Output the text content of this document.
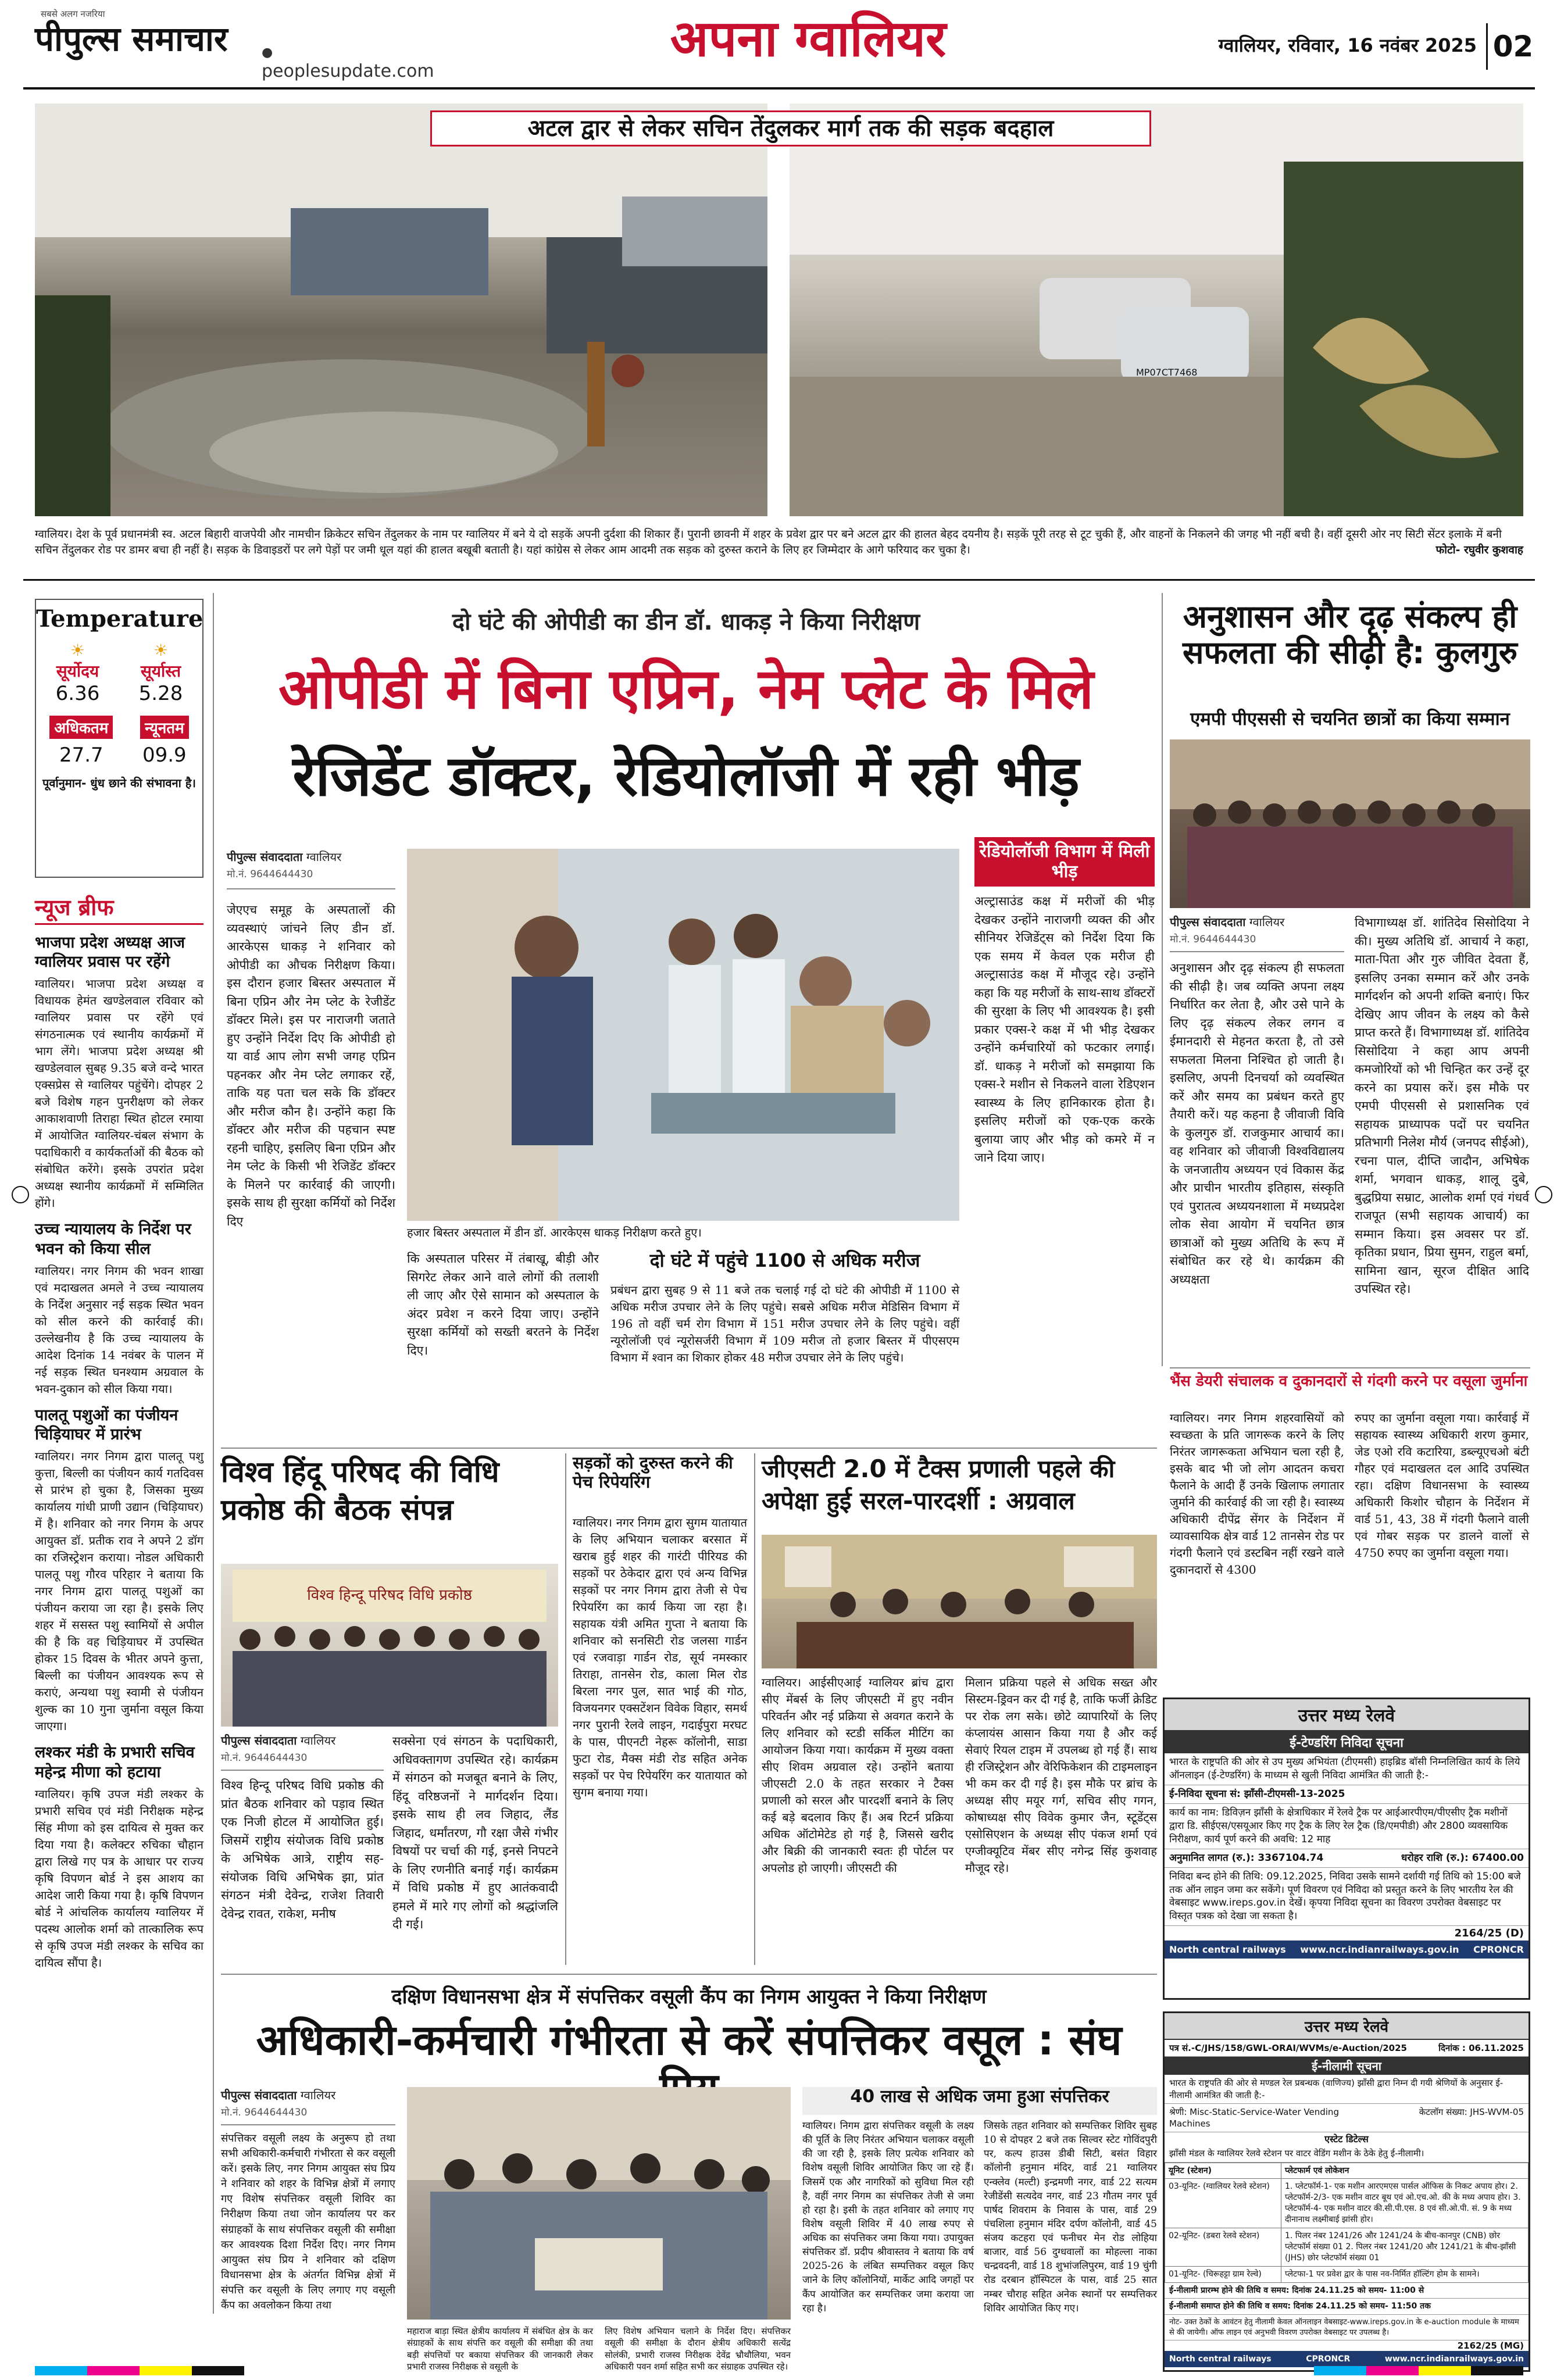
सबसे अलग नजरिया
पीपुल्स समाचार	● peoplesupdate.com
अपना ग्वालियर	ग्वालियर, रविवार, 16 नवंबर 2025 02
MP07CT7468
अटल द्वार से लेकर सचिन तेंदुलकर मार्ग तक की सड़क बदहाल
ग्वालियर। देश के पूर्व प्रधानमंत्री स्व. अटल बिहारी वाजपेयी और नामचीन क्रिकेटर सचिन तेंदुलकर के नाम पर ग्वालियर में बने ये दो सड़कें अपनी दुर्दशा की शिकार हैं। पुरानी छावनी में शहर के प्रवेश द्वार पर बने अटल द्वार की हालत बेहद दयनीय है। सड़कें पूरी तरह से टूट चुकी हैं, और वाहनों के निकलने की जगह भी नहीं बची है। वहीं दूसरी ओर नए सिटी सेंटर इलाके में बनी सचिन तेंदुलकर रोड पर डामर बचा ही नहीं है। सड़क के डिवाइडरों पर लगे पेड़ों पर जमी धूल यहां की हालत बखूबी बताती है। यहां कांग्रेस से लेकर आम आदमी तक सड़क को दुरुस्त कराने के लिए हर जिम्मेदार के आगे फरियाद कर चुका है।	फोटो- रघुवीर कुशवाह
Temperature
☀
सूर्योदय
6.36
☀
सूर्यास्त
5.28
अधिकतम
27.7
न्यूनतम
09.9
पूर्वानुमान- धुंध छाने की संभावना है।
न्यूज ब्रीफ
भाजपा प्रदेश अध्यक्ष आज ग्वालियर प्रवास पर रहेंगे
ग्वालियर। भाजपा प्रदेश अध्यक्ष व विधायक हेमंत खण्डेलवाल रविवार को ग्वालियर प्रवास पर रहेंगे एवं संगठनात्मक एवं स्थानीय कार्यक्रमों में भाग लेंगे। भाजपा प्रदेश अध्यक्ष श्री खण्डेलवाल सुबह 9.35 बजे वन्दे भारत एक्सप्रेस से ग्वालियर पहुंचेंगे। दोपहर 2 बजे विशेष गहन पुनरीक्षण को लेकर आकाशवाणी तिराहा स्थित होटल रमाया में आयोजित ग्वालियर-चंबल संभाग के पदाधिकारी व कार्यकर्ताओं की बैठक को संबोधित करेंगे। इसके उपरांत प्रदेश अध्यक्ष स्थानीय कार्यक्रमों में सम्मिलित होंगे।
उच्च न्यायालय के निर्देश पर भवन को किया सील
ग्वालियर। नगर निगम की भवन शाखा एवं मदाखलत अमले ने उच्च न्यायालय के निर्देश अनुसार नई सड़क स्थित भवन को सील करने की कार्रवाई की। उल्लेखनीय है कि उच्च न्यायालय के आदेश दिनांक 14 नवंबर के पालन में नई सड़क स्थित घनश्याम अग्रवाल के भवन-दुकान को सील किया गया।
पालतू पशुओं का पंजीयन चिड़ियाघर में प्रारंभ
ग्वालियर। नगर निगम द्वारा पालतू पशु कुत्ता, बिल्ली का पंजीयन कार्य गतदिवस से प्रारंभ हो चुका है, जिसका मुख्य कार्यालय गांधी प्राणी उद्यान (चिड़ियाघर) में है। शनिवार को नगर निगम के अपर आयुक्त डॉ. प्रतीक राव ने अपने 2 डॉग का रजिस्ट्रेशन कराया। नोडल अधिकारी पालतू पशु गौरव परिहार ने बताया कि नगर निगम द्वारा पालतू पशुओं का पंजीयन कराया जा रहा है। इसके लिए शहर में ससस्त पशु स्वामियों से अपील की है कि वह चिड़ियाघर में उपस्थित होकर 15 दिवस के भीतर अपने कुत्ता, बिल्ली का पंजीयन आवश्यक रूप से कराएं, अन्यथा पशु स्वामी से पंजीयन शुल्क का 10 गुना जुर्माना वसूल किया जाएगा।
लश्कर मंडी के प्रभारी सचिव महेन्द्र मीणा को हटाया
ग्वालियर। कृषि उपज मंडी लश्कर के प्रभारी सचिव एवं मंडी निरीक्षक महेन्द्र सिंह मीणा को इस दायित्व से मुक्त कर दिया गया है। कलेक्टर रुचिका चौहान द्वारा लिखे गए पत्र के आधार पर राज्य कृषि विपणन बोर्ड ने इस आशय का आदेश जारी किया गया है। कृषि विपणन बोर्ड ने आंचलिक कार्यालय ग्वालियर में पदस्थ आलोक शर्मा को तात्कालिक रूप से कृषि उपज मंडी लश्कर के सचिव का दायित्व सौंपा है।
दो घंटे की ओपीडी का डीन डॉ. धाकड़ ने किया निरीक्षण
ओपीडी में बिना एप्रिन, नेम प्लेट के मिले
रेजिडेंट डॉक्टर, रेडियोलॉजी में रही भीड़
पीपुल्स संवाददाता ग्वालियर
मो.नं. 9644644430
जेएएच समूह के अस्पतालों की व्यवस्थाएं जांचने लिए डीन डॉ. आरकेएस धाकड़ ने शनिवार को ओपीडी का औचक निरीक्षण किया। इस दौरान हजार बिस्तर अस्पताल में बिना एप्रिन और नेम प्लेट के रेजीडेंट डॉक्टर मिले। इस पर नाराजगी जताते हुए उन्होंने निर्देश दिए कि ओपीडी हो या वार्ड आप लोग सभी जगह एप्रिन पहनकर और नेम प्लेट लगाकर रहें, ताकि यह पता चल सके कि डॉक्टर और मरीज कौन है। उन्होंने कहा कि डॉक्टर और मरीज की पहचान स्पष्ट रहनी चाहिए, इसलिए बिना एप्रिन और नेम प्लेट के किसी भी रेजिडेंट डॉक्टर के मिलने पर कार्रवाई की जाएगी। इसके साथ ही सुरक्षा कर्मियों को निर्देश दिए
हजार बिस्तर अस्पताल में डीन डॉ. आरकेएस धाकड़ निरीक्षण करते हुए।
कि अस्पताल परिसर में तंबाखू, बीड़ी और सिगरेट लेकर आने वाले लोगों की तलाशी ली जाए और ऐसे सामान को अस्पताल के अंदर प्रवेश न करने दिया जाए। उन्होंने सुरक्षा कर्मियों को सख्ती बरतने के निर्देश दिए।
दो घंटे में पहुंचे 1100 से अधिक मरीज
प्रबंधन द्वारा सुबह 9 से 11 बजे तक चलाई गई दो घंटे की ओपीडी में 1100 से अधिक मरीज उपचार लेने के लिए पहुंचे। सबसे अधिक मरीज मेडिसिन विभाग में 196 तो वहीं चर्म रोग विभाग में 151 मरीज उपचार लेने के लिए पहुंचे। वहीं न्यूरोलॉजी एवं न्यूरोसर्जरी विभाग में 109 मरीज तो हजार बिस्तर में पीएसएम विभाग में श्वान का शिकार होकर 48 मरीज उपचार लेने के लिए पहुंचे।
रेडियोलॉजी विभाग में मिली भीड़
अल्ट्रासाउंड कक्ष में मरीजों की भीड़ देखकर उन्होंने नाराजगी व्यक्त की और सीनियर रेजिडेंट्स को निर्देश दिया कि एक समय में केवल एक मरीज ही अल्ट्रासाउंड कक्ष में मौजूद रहे। उन्होंने कहा कि यह मरीजों के साथ-साथ डॉक्टरों की सुरक्षा के लिए भी आवश्यक है। इसी प्रकार एक्स-रे कक्ष में भी भीड़ देखकर उन्होंने कर्मचारियों को फटकार लगाई। डॉ. धाकड़ ने मरीजों को समझाया कि एक्स-रे मशीन से निकलने वाला रेडिएशन स्वास्थ्य के लिए हानिकारक होता है। इसलिए मरीजों को एक-एक करके बुलाया जाए और भीड़ को कमरे में न जाने दिया जाए।
अनुशासन और दृढ़ संकल्प ही सफलता की सीढ़ी है: कुलगुरु
एमपी पीएससी से चयनित छात्रों का किया सम्मान
पीपुल्स संवाददाता ग्वालियर
मो.नं. 9644644430
अनुशासन और दृढ़ संकल्प ही सफलता की सीढ़ी है। जब व्यक्ति अपना लक्ष्य निर्धारित कर लेता है, और उसे पाने के लिए दृढ़ संकल्प लेकर लगन व ईमानदारी से मेहनत करता है, तो उसे सफलता मिलना निश्चित हो जाती है। इसलिए, अपनी दिनचर्या को व्यवस्थित करें और समय का प्रबंधन करते हुए तैयारी करें। यह कहना है जीवाजी विवि के कुलगुरु डॉ. राजकुमार आचार्य का। वह शनिवार को जीवाजी विश्वविद्यालय के जनजातीय अध्ययन एवं विकास केंद्र और प्राचीन भारतीय इतिहास, संस्कृति एवं पुरातत्व अध्ययनशाला में मध्यप्रदेश लोक सेवा आयोग में चयनित छात्र छात्राओं को मुख्य अतिथि के रूप में संबोधित कर रहे थे। कार्यक्रम की अध्यक्षता
विभागाध्यक्ष डॉ. शांतिदेव सिसोदिया ने की। मुख्य अतिथि डॉ. आचार्य ने कहा, माता-पिता और गुरु जीवित देवता हैं, इसलिए उनका सम्मान करें और उनके मार्गदर्शन को अपनी शक्ति बनाएं। फिर देखिए आप जीवन के लक्ष्य को कैसे प्राप्त करते हैं। विभागाध्यक्ष डॉ. शांतिदेव सिसोदिया ने कहा आप अपनी कमजोरियों को भी चिन्हित कर उन्हें दूर करने का प्रयास करें। इस मौके पर एमपी पीएससी से प्रशासनिक एवं सहायक प्राध्यापक पदों पर चयनित प्रतिभागी निलेश मौर्य (जनपद सीईओ), रचना पाल, दीप्ति जादौन, अभिषेक शर्मा, भगवान धाकड़, शालू दुबे, बुद्धप्रिया सम्राट, आलोक शर्मा एवं गंधर्व राजपूत (सभी सहायक आचार्य) का सम्मान किया। इस अवसर पर डॉ. कृतिका प्रधान, प्रिया सुमन, राहुल बर्मा, सामिना खान, सूरज दीक्षित आदि उपस्थित रहे।
भैंस डेयरी संचालक व दुकानदारों से गंदगी करने पर वसूला जुर्माना
ग्वालियर। नगर निगम शहरवासियों को स्वच्छता के प्रति जागरूक करने के लिए निरंतर जागरूकता अभियान चला रही है, इसके बाद भी जो लोग आदतन कचरा फैलाने के आदी हैं उनके खिलाफ लगातार जुर्माने की कार्रवाई की जा रही है। स्वास्थ्य अधिकारी दीपेंद्र सेंगर के निर्देशन में व्यावसायिक क्षेत्र वार्ड 12 तानसेन रोड पर गंदगी फैलाने एवं डस्टबिन नहीं रखने वाले दुकानदारों से 4300
रुपए का जुर्माना वसूला गया। कार्रवाई में सहायक स्वास्थ्य अधिकारी शरण कुमार, जेड एओ रवि कटारिया, डब्ल्यूएचओ बंटी गौहर एवं मदाखलत दल आदि उपस्थित रहा। दक्षिण विधानसभा के स्वास्थ्य अधिकारी किशोर चौहान के निर्देशन में वार्ड 51, 43, 38 में गंदगी फैलाने वाली एवं गोबर सड़क पर डालने वालों से 4750 रुपए का जुर्माना वसूला गया।
विश्व हिंदू परिषद की विधि प्रकोष्ठ की बैठक संपन्न
विश्व हिन्दू परिषद विधि प्रकोष्ठ
पीपुल्स संवाददाता ग्वालियर
मो.नं. 9644644430
विश्व हिन्दू परिषद विधि प्रकोष्ठ की प्रांत बैठक शनिवार को पड़ाव स्थित एक निजी होटल में आयोजित हुई। जिसमें राष्ट्रीय संयोजक विधि प्रकोष्ठ के अभिषेक आत्रे, राष्ट्रीय सह-संयोजक विधि अभिषेक झा, प्रांत संगठन मंत्री देवेन्द्र, राजेश तिवारी देवेन्द्र रावत, राकेश, मनीष
सक्सेना एवं संगठन के पदाधिकारी, अधिवक्तागण उपस्थित रहे। कार्यक्रम में संगठन को मजबूत बनाने के लिए, हिंदू वरिष्ठजनों ने मार्गदर्शन दिया। इसके साथ ही लव जिहाद, लैंड जिहाद, धर्मांतरण, गौ रक्षा जैसे गंभीर विषयों पर चर्चा की गई, इनसे निपटने के लिए रणनीति बनाई गई। कार्यक्रम में विधि प्रकोष्ठ में हुए आतंकवादी हमले में मारे गए लोगों को श्रद्धांजलि दी गई।
सड़कों को दुरुस्त करने की पेच रिपेयरिंग
ग्वालियर। नगर निगम द्वारा सुगम यातायात के लिए अभियान चलाकर बरसात में खराब हुई शहर की गारंटी पीरियड की सड़कों पर ठेकेदार द्वारा एवं अन्य विभिन्न सड़कों पर नगर निगम द्वारा तेजी से पेच रिपेयरिंग का कार्य किया जा रहा है। सहायक यंत्री अमित गुप्ता ने बताया कि शनिवार को सनसिटी रोड जलसा गार्डन एवं रजवाड़ा गार्डन रोड, सूर्य नमस्कार तिराहा, तानसेन रोड, काला मिल रोड बिरला नगर पुल, सात भाई की गोठ, विजयनगर एक्सटेंशन विवेक विहार, समर्थ नगर पुरानी रेलवे लाइन, गदाईपुरा मरघट के पास, पीएनटी नेहरू कॉलोनी, साडा फुटा रोड, मैक्स मंडी रोड सहित अनेक सड़कों पर पेच रिपेयरिंग कर यातायात को सुगम बनाया गया।
जीएसटी 2.0 में टैक्स प्रणाली पहले की अपेक्षा हुई सरल-पारदर्शी : अग्रवाल
ग्वालियर। आईसीएआई ग्वालियर ब्रांच द्वारा सीए मेंबर्स के लिए जीएसटी में हुए नवीन परिवर्तन और नई प्रक्रिया से अवगत कराने के लिए शनिवार को स्टडी सर्किल मीटिंग का आयोजन किया गया। कार्यक्रम में मुख्य वक्ता सीए शिवम अग्रवाल रहे। उन्होंने बताया जीएसटी 2.0 के तहत सरकार ने टैक्स प्रणाली को सरल और पारदर्शी बनाने के लिए कई बड़े बदलाव किए हैं। अब रिटर्न प्रक्रिया अधिक ऑटोमेटेड हो गई है, जिससे खरीद और बिक्री की जानकारी स्वतः ही पोर्टल पर अपलोड हो जाएगी। जीएसटी की
मिलान प्रक्रिया पहले से अधिक सख्त और सिस्टम-ड्रिवन कर दी गई है, ताकि फर्जी क्रेडिट पर रोक लग सके। छोटे व्यापारियों के लिए कंप्लायंस आसान किया गया है और कई सेवाएं रियल टाइम में उपलब्ध हो गई हैं। साथ ही रजिस्ट्रेशन और वेरिफिकेशन की टाइमलाइन भी कम कर दी गई है। इस मौके पर ब्रांच के अध्यक्ष सीए मयूर गर्ग, सचिव सीए गगन, कोषाध्यक्ष सीए विवेक कुमार जैन, स्टूडेंट्स एसोसिएशन के अध्यक्ष सीए पंकज शर्मा एवं एग्जीक्यूटिव मेंबर सीए नगेन्द्र सिंह कुशवाह मौजूद रहे।
दक्षिण विधानसभा क्षेत्र में संपत्तिकर वसूली कैंप का निगम आयुक्त ने किया निरीक्षण
अधिकारी-कर्मचारी गंभीरता से करें संपत्तिकर वसूल : संघ
पीपुल्स संवाददाता ग्वालियर
मो.नं. 9644644430
संपत्तिकर वसूली लक्ष्य के अनुरूप हो तथा सभी अधिकारी-कर्मचारी गंभीरता से कर वसूली करें। इसके लिए, नगर निगम आयुक्त संघ प्रिय ने शनिवार को शहर के विभिन्न क्षेत्रों में लगाए गए विशेष संपत्तिकर वसूली शिविर का निरीक्षण किया तथा जोन कार्यालय पर कर संग्राहकों के साथ संपत्तिकर वसूली की समीक्षा कर आवश्यक दिशा निर्देश दिए। नगर निगम आयुक्त संघ प्रिय ने शनिवार को दक्षिण विधानसभा क्षेत्र के अंतर्गत विभिन्न क्षेत्रों में संपत्ति कर वसूली के लिए लगाए गए वसूली कैंप का अवलोकन किया तथा
महाराज बाड़ा स्थित क्षेत्रीय कार्यालय में संबंधित क्षेत्र के कर संग्राहकों के साथ संपत्ति कर वसूली की समीक्षा की तथा बड़ी संपत्तियों पर बकाया संपत्तिकर की जानकारी लेकर प्रभारी राजस्व निरीक्षक से वसूली के
लिए विशेष अभियान चलाने के निर्देश दिए। संपत्तिकर वसूली की समीक्षा के दौरान क्षेत्रीय अधिकारी सत्येंद्र सोलंकी, प्रभारी राजस्व निरीक्षक देवेंद्र भ्रौथौलिया, भवन अधिकारी पवन शर्मा सहित सभी कर संग्राहक उपस्थित रहे।
40 लाख से अधिक जमा हुआ संपत्तिकर
ग्वालियर। निगम द्वारा संपत्तिकर वसूली के लक्ष्य की पूर्ति के लिए निरंतर अभियान चलाकर वसूली की जा रही है, इसके लिए प्रत्येक शनिवार को विशेष वसूली शिविर आयोजित किए जा रहे हैं। जिसमें एक और नागरिकों को सुविधा मिल रही है, वहीं नगर निगम का संपत्तिकर तेजी से जमा हो रहा है। इसी के तहत शनिवार को लगाए गए विशेष वसूली शिविर में 40 लाख रुपए से अधिक का संपत्तिकर जमा किया गया। उपायुक्त संपत्तिकर डॉ. प्रदीप श्रीवास्तव ने बताया कि वर्ष 2025-26 के लंबित सम्पत्तिकर वसूल किए जाने के लिए कॉलोनियों, मार्केट आदि जगहों पर कैंप आयोजित कर सम्पत्तिकर जमा कराया जा रहा है।
जिसके तहत शनिवार को सम्पत्तिकर शिविर सुबह 10 से दोपहर 2 बजे तक सिल्वर स्टेट गोविंदपुरी पर, कल्प हाउस डीबी सिटी, बसंत विहार कॉलोनी हनुमान मंदिर, वार्ड 21 ग्वालियर एन्क्लेव (मल्टी) इन्द्रमणी नगर, वार्ड 22 सत्यम रेजीडेंसी सत्यदेव नगर, वार्ड 23 गौतम नगर पूर्व पार्षद शिवराम के निवास के पास, वार्ड 29 पंचशिला हनुमान मंदिर दर्पण कॉलोनी, वार्ड 45 संजय कटहरा एवं फनीचर मेन रोड लोहिया बाजार, वार्ड 56 दुग्धवालों का मोहल्ला नाका चन्द्रवदनी, वार्ड 18 शुभांजलिपुरम, वार्ड 19 चुंगी रोड दरबान हॉस्पिटल के पास, वार्ड 25 सात नम्बर चौराह सहित अनेक स्थानों पर सम्पत्तिकर शिविर आयोजित किए गए।
उत्तर मध्य रेलवे
ई-टेण्डरिंग निविदा सूचना
भारत के राष्ट्रपति की ओर से उप मुख्य अभियंता (टीएमसी) हाइब्रिड बॉसी निम्नलिखित कार्य के लिये ऑनलाइन (ई-टेण्डरिंग) के माध्यम से खुली निविदा आमंत्रित की जाती है:-
ई-निविदा सूचना सं: झाँसी-टीएमसी-13-2025
कार्य का नाम: डिविज़न झाँसी के क्षेत्राधिकार में रेलवे ट्रैक पर आईआरपीएम/पीएसीए ट्रैक मशीनों द्वारा डि. सीईएस/एसयूआर किए गए ट्रैक के लिए रेल ट्रैक (डि/एमपीडी) और 2800 व्यवसायिक निरीक्षण, कार्य पूर्ण करने की अवधि: 12 माह
अनुमानित लागत (रु.): 3367104.74	धरोहर राशि (रु.): 67400.00
निविदा बन्द होने की तिथि: 09.12.2025, निविदा उसके सामने दर्शायी गई तिथि को 15:00 बजे तक ऑन लाइन जमा कर सकेंगे। पूर्ण विवरण एवं निविदा को प्रस्तुत करने के लिए भारतीय रेल की वेबसाइट www.ireps.gov.in देखें। कृपया निविदा सूचना का विवरण उपरोक्त वेबसाइट पर विस्तृत पत्रक को देखा जा सकता है।
2164/25 (D)
North central railways www.ncr.indianrailways.gov.in CPRONCR
उत्तर मध्य रेलवे
पत्र सं.-C/JHS/158/GWL-ORAI/WVMs/e-Auction/2025	दिनांक : 06.11.2025
ई-नीलामी सूचना
भारत के राष्ट्रपति की ओर से मण्डल रेल प्रबन्धक (वाणिज्य) झाँसी द्वारा निम्न दी गयी श्रेणियों के अनुसार ई-नीलामी आमंत्रित की जाती है:-
श्रेणी: Misc-Static-Service-Water Vending Machines
केटलॉग संख्या: JHS-WVM-05
एस्टेट डिटेल्स
झाँसी मंडल के ग्वालियर रेलवे स्टेशन पर वाटर वेडिंग मशीन के ठेके हेतु ई-नीलामी।
यूनिट (स्टेशन)	प्लेटफार्म एवं लोकेशन
03-यूनिट- (ग्वालियर रेलवे स्टेशन)	1. प्लेटफॉर्म-1- एक मशीन आरएमएस पार्सल ऑफिस के निकट अपाय होर। 2. प्लेटफॉर्म-2/3- एक मशीन वाटर बूथ एवं ओ.एच.ओ. की के मध्य अपाय होर। 3. प्लेटफॉर्म-4- एक मशीन वाटर की.सी.पी.एस. 8 एवं सी.ओ.पी. सं. 9 के मध्य दीनानाथ लक्ष्मीबाई झांसी होर।
02-यूनिट- (डबरा रेलवे स्टेशन)	1. पिलर नंबर 1241/26 और 1241/24 के बीच-कानपुर (CNB) छोर प्लेटफॉर्म संख्या 01 2. पिलर नंबर 1241/20 और 1241/21 के बीच-झाँसी (JHS) छोर प्लेटफॉर्म संख्या 01
01-यूनिट- (चिरूहट्टा ग्राम रेल्वे)	प्लेटफा-1 पर प्रवेश द्वार के पास नव-निर्मित हॉल्टिंग होम के सामने।
ई-नीलामी प्रारम्भ होने की तिथि व समय: दिनांक 24.11.25 को समय- 11:00 से
ई-नीलामी समाप्त होने की तिथि व समय: दिनांक 24.11.25 को समय- 11:50 तक
नोट- उक्त ठेकों के आवंटन हेतु नीलामी केवल ऑनलाइन वेबसाइट-www.ireps.gov.in के e-auction module के माध्यम से की जायेगी। ऑफ लाइन एवं अनुभवी विवरण उपरोक्त वेबसाइट पर उपलब्ध है।
2162/25 (MG)
North central railways	CPRONCR	www.ncr.indianrailways.gov.in
